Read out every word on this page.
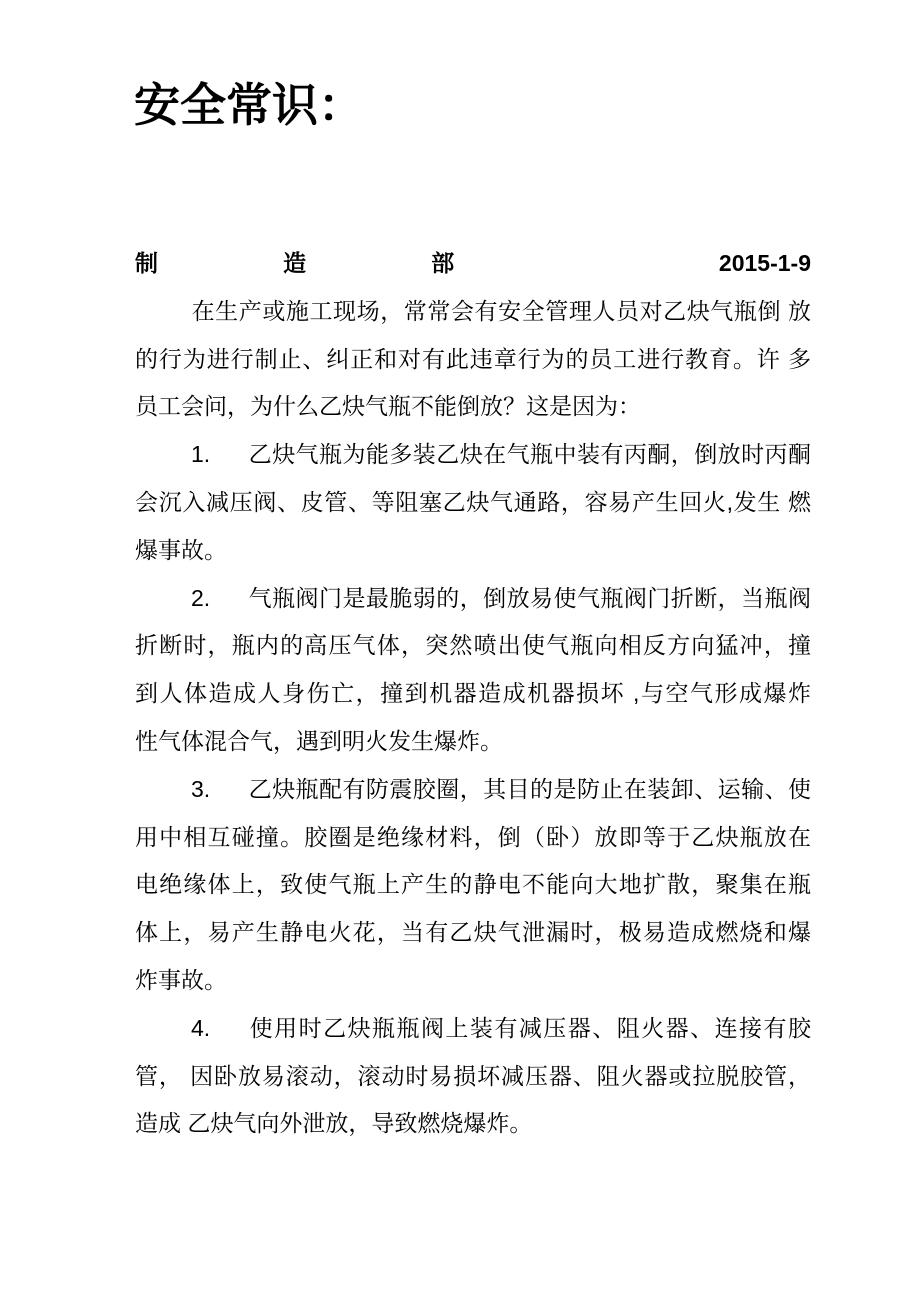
安全常识：
制造部 2015-1-9
在生产或施工现场，常常会有安全管理人员对乙炔气瓶倒 放
的行为进行制止、纠正和对有此违章行为的员工进行教育。许 多
员工会问，为什么乙炔气瓶不能倒放？这是因为：
1. 乙炔气瓶为能多装乙炔在气瓶中装有丙酮，倒放时丙酮
会沉入减压阀、皮管、等阻塞乙炔气通路，容易产生回火,发生 燃
爆事故。
2. 气瓶阀门是最脆弱的，倒放易使气瓶阀门折断，当瓶阀
折断时，瓶内的高压气体，突然喷出使气瓶向相反方向猛冲，撞
到人体造成人身伤亡，撞到机器造成机器损坏 ,与空气形成爆炸
性气体混合气，遇到明火发生爆炸。
3. 乙炔瓶配有防震胶圈，其目的是防止在装卸、运输、使
用中相互碰撞。胶圈是绝缘材料，倒（卧）放即等于乙炔瓶放在
电绝缘体上，致使气瓶上产生的静电不能向大地扩散，聚集在瓶
体上，易产生静电火花，当有乙炔气泄漏时，极易造成燃烧和爆
炸事故。
4. 使用时乙炔瓶瓶阀上装有减压器、阻火器、连接有胶
管， 因卧放易滚动，滚动时易损坏减压器、阻火器或拉脱胶管，
造成 乙炔气向外泄放，导致燃烧爆炸。
